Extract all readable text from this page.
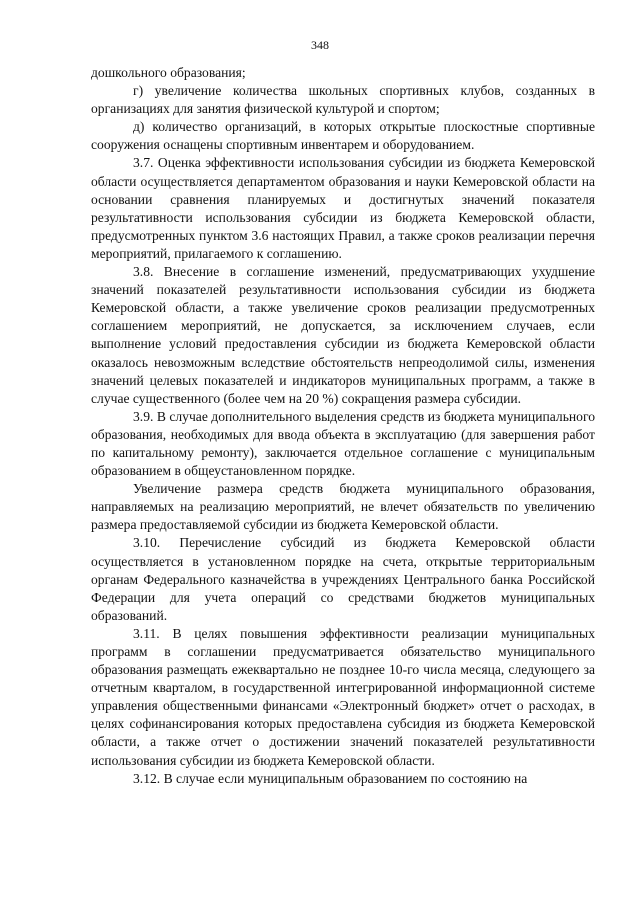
348

дошкольного образования;

г) увеличение количества школьных спортивных клубов, созданных в организациях для занятия физической культурой и спортом;

д) количество организаций, в которых открытые плоскостные спортивные сооружения оснащены спортивным инвентарем и оборудованием.

3.7. Оценка эффективности использования субсидии из бюджета Кемеровской области осуществляется департаментом образования и науки Кемеровской области на основании сравнения планируемых и достигнутых значений показателя результативности использования субсидии из бюджета Кемеровской области, предусмотренных пунктом 3.6 настоящих Правил, а также сроков реализации перечня мероприятий, прилагаемого к соглашению.

3.8. Внесение в соглашение изменений, предусматривающих ухудшение значений показателей результативности использования субсидии из бюджета Кемеровской области, а также увеличение сроков реализации предусмотренных соглашением мероприятий, не допускается, за исключением случаев, если выполнение условий предоставления субсидии из бюджета Кемеровской области оказалось невозможным вследствие обстоятельств непреодолимой силы, изменения значений целевых показателей и индикаторов муниципальных программ, а также в случае существенного (более чем на 20 %) сокращения размера субсидии.

3.9. В случае дополнительного выделения средств из бюджета муниципального образования, необходимых для ввода объекта в эксплуатацию (для завершения работ по капитальному ремонту), заключается отдельное соглашение с муниципальным образованием в общеустановленном порядке.

Увеличение размера средств бюджета муниципального образования, направляемых на реализацию мероприятий, не влечет обязательств по увеличению размера предоставляемой субсидии из бюджета Кемеровской области.

3.10. Перечисление субсидий из бюджета Кемеровской области осуществляется в установленном порядке на счета, открытые территориальным органам Федерального казначейства в учреждениях Центрального банка Российской Федерации для учета операций со средствами бюджетов муниципальных образований.

3.11. В целях повышения эффективности реализации муниципальных программ в соглашении предусматривается обязательство муниципального образования размещать ежеквартально не позднее 10-го числа месяца, следующего за отчетным кварталом, в государственной интегрированной информационной системе управления общественными финансами «Электронный бюджет» отчет о расходах, в целях софинансирования которых предоставлена субсидия из бюджета Кемеровской области, а также отчет о достижении значений показателей результативности использования субсидии из бюджета Кемеровской области.

3.12. В случае если муниципальным образованием по состоянию на
